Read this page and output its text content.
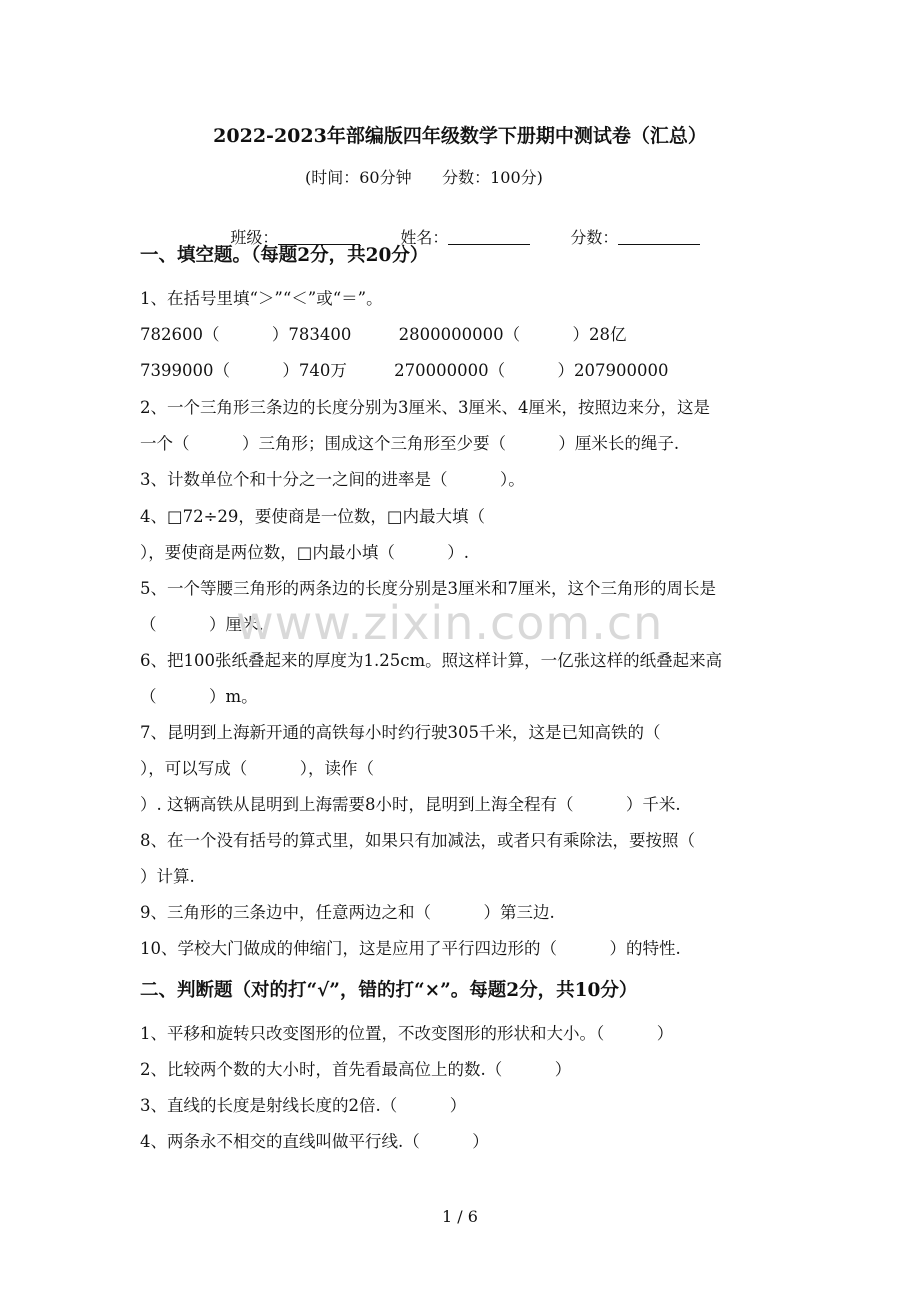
2022-2023年部编版四年级数学下册期中测试卷（汇总）
(时间：60分钟      分数：100分)

班级：	姓名：	分数：

一、填空题。（每题2分，共20分）
1、在括号里填“＞”“＜”或“＝”。
782600（          ）783400         2800000000（          ）28亿
7399000（          ）740万         270000000（          ）207900000
2、一个三角形三条边的长度分别为3厘米、3厘米、4厘米，按照边来分，这是
一个（          ）三角形；围成这个三角形至少要（          ）厘米长的绳子.
3、计数单位个和十分之一之间的进率是（          ）。
4、□72÷29，要使商是一位数，□内最大填（
），要使商是两位数，□内最小填（          ）.
5、一个等腰三角形的两条边的长度分别是3厘米和7厘米，这个三角形的周长是
（          ）厘米.
6、把100张纸叠起来的厚度为1.25cm。照这样计算，一亿张这样的纸叠起来高
（          ）m。
7、昆明到上海新开通的高铁每小时约行驶305千米，这是已知高铁的（
），可以写成（          ），读作（
）. 这辆高铁从昆明到上海需要8小时，昆明到上海全程有（          ）千米.
8、在一个没有括号的算式里，如果只有加减法，或者只有乘除法，要按照（
）计算.
9、三角形的三条边中，任意两边之和（          ）第三边.
10、学校大门做成的伸缩门，这是应用了平行四边形的（          ）的特性.
二、判断题（对的打“√”，错的打“×”。每题2分，共10分）
1、平移和旋转只改变图形的位置，不改变图形的形状和大小。（          ）
2、比较两个数的大小时，首先看最高位上的数.（          ）
3、直线的长度是射线长度的2倍.（          ）
4、两条永不相交的直线叫做平行线.（          ）
www.zixin.com.cn
1 / 6
